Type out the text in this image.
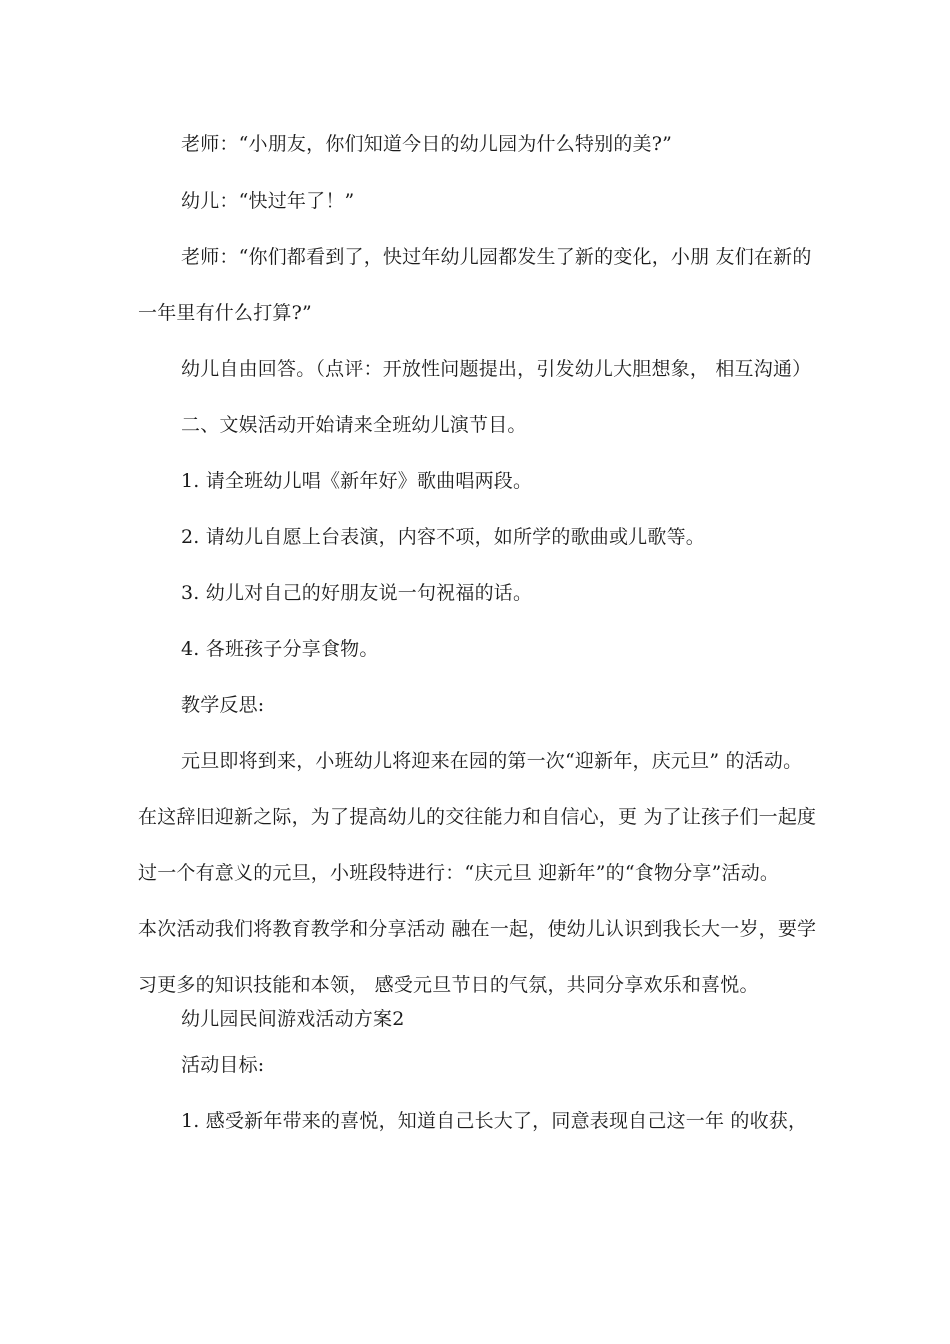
老师：“小朋友，你们知道今日的幼儿园为什么特别的美?”
幼儿：“快过年了！”
老师：“你们都看到了，快过年幼儿园都发生了新的变化，小朋 友们在新的
一年里有什么打算?”
幼儿自由回答。（点评：开放性问题提出，引发幼儿大胆想象， 相互沟通）
二、文娱活动开始请来全班幼儿演节目。
1. 请全班幼儿唱《新年好》歌曲唱两段。
2. 请幼儿自愿上台表演，内容不项，如所学的歌曲或儿歌等。
3. 幼儿对自己的好朋友说一句祝福的话。
4. 各班孩子分享食物。
教学反思:
元旦即将到来，小班幼儿将迎来在园的第一次“迎新年，庆元旦” 的活动。
在这辞旧迎新之际，为了提高幼儿的交往能力和自信心，更 为了让孩子们一起度
过一个有意义的元旦，小班段特进行：“庆元旦 迎新年”的“食物分享”活动。
本次活动我们将教育教学和分享活动 融在一起，使幼儿认识到我长大一岁，要学
习更多的知识技能和本领， 感受元旦节日的气氛，共同分享欢乐和喜悦。
幼儿园民间游戏活动方案2
活动目标:
1. 感受新年带来的喜悦，知道自己长大了，同意表现自己这一年 的收获，
